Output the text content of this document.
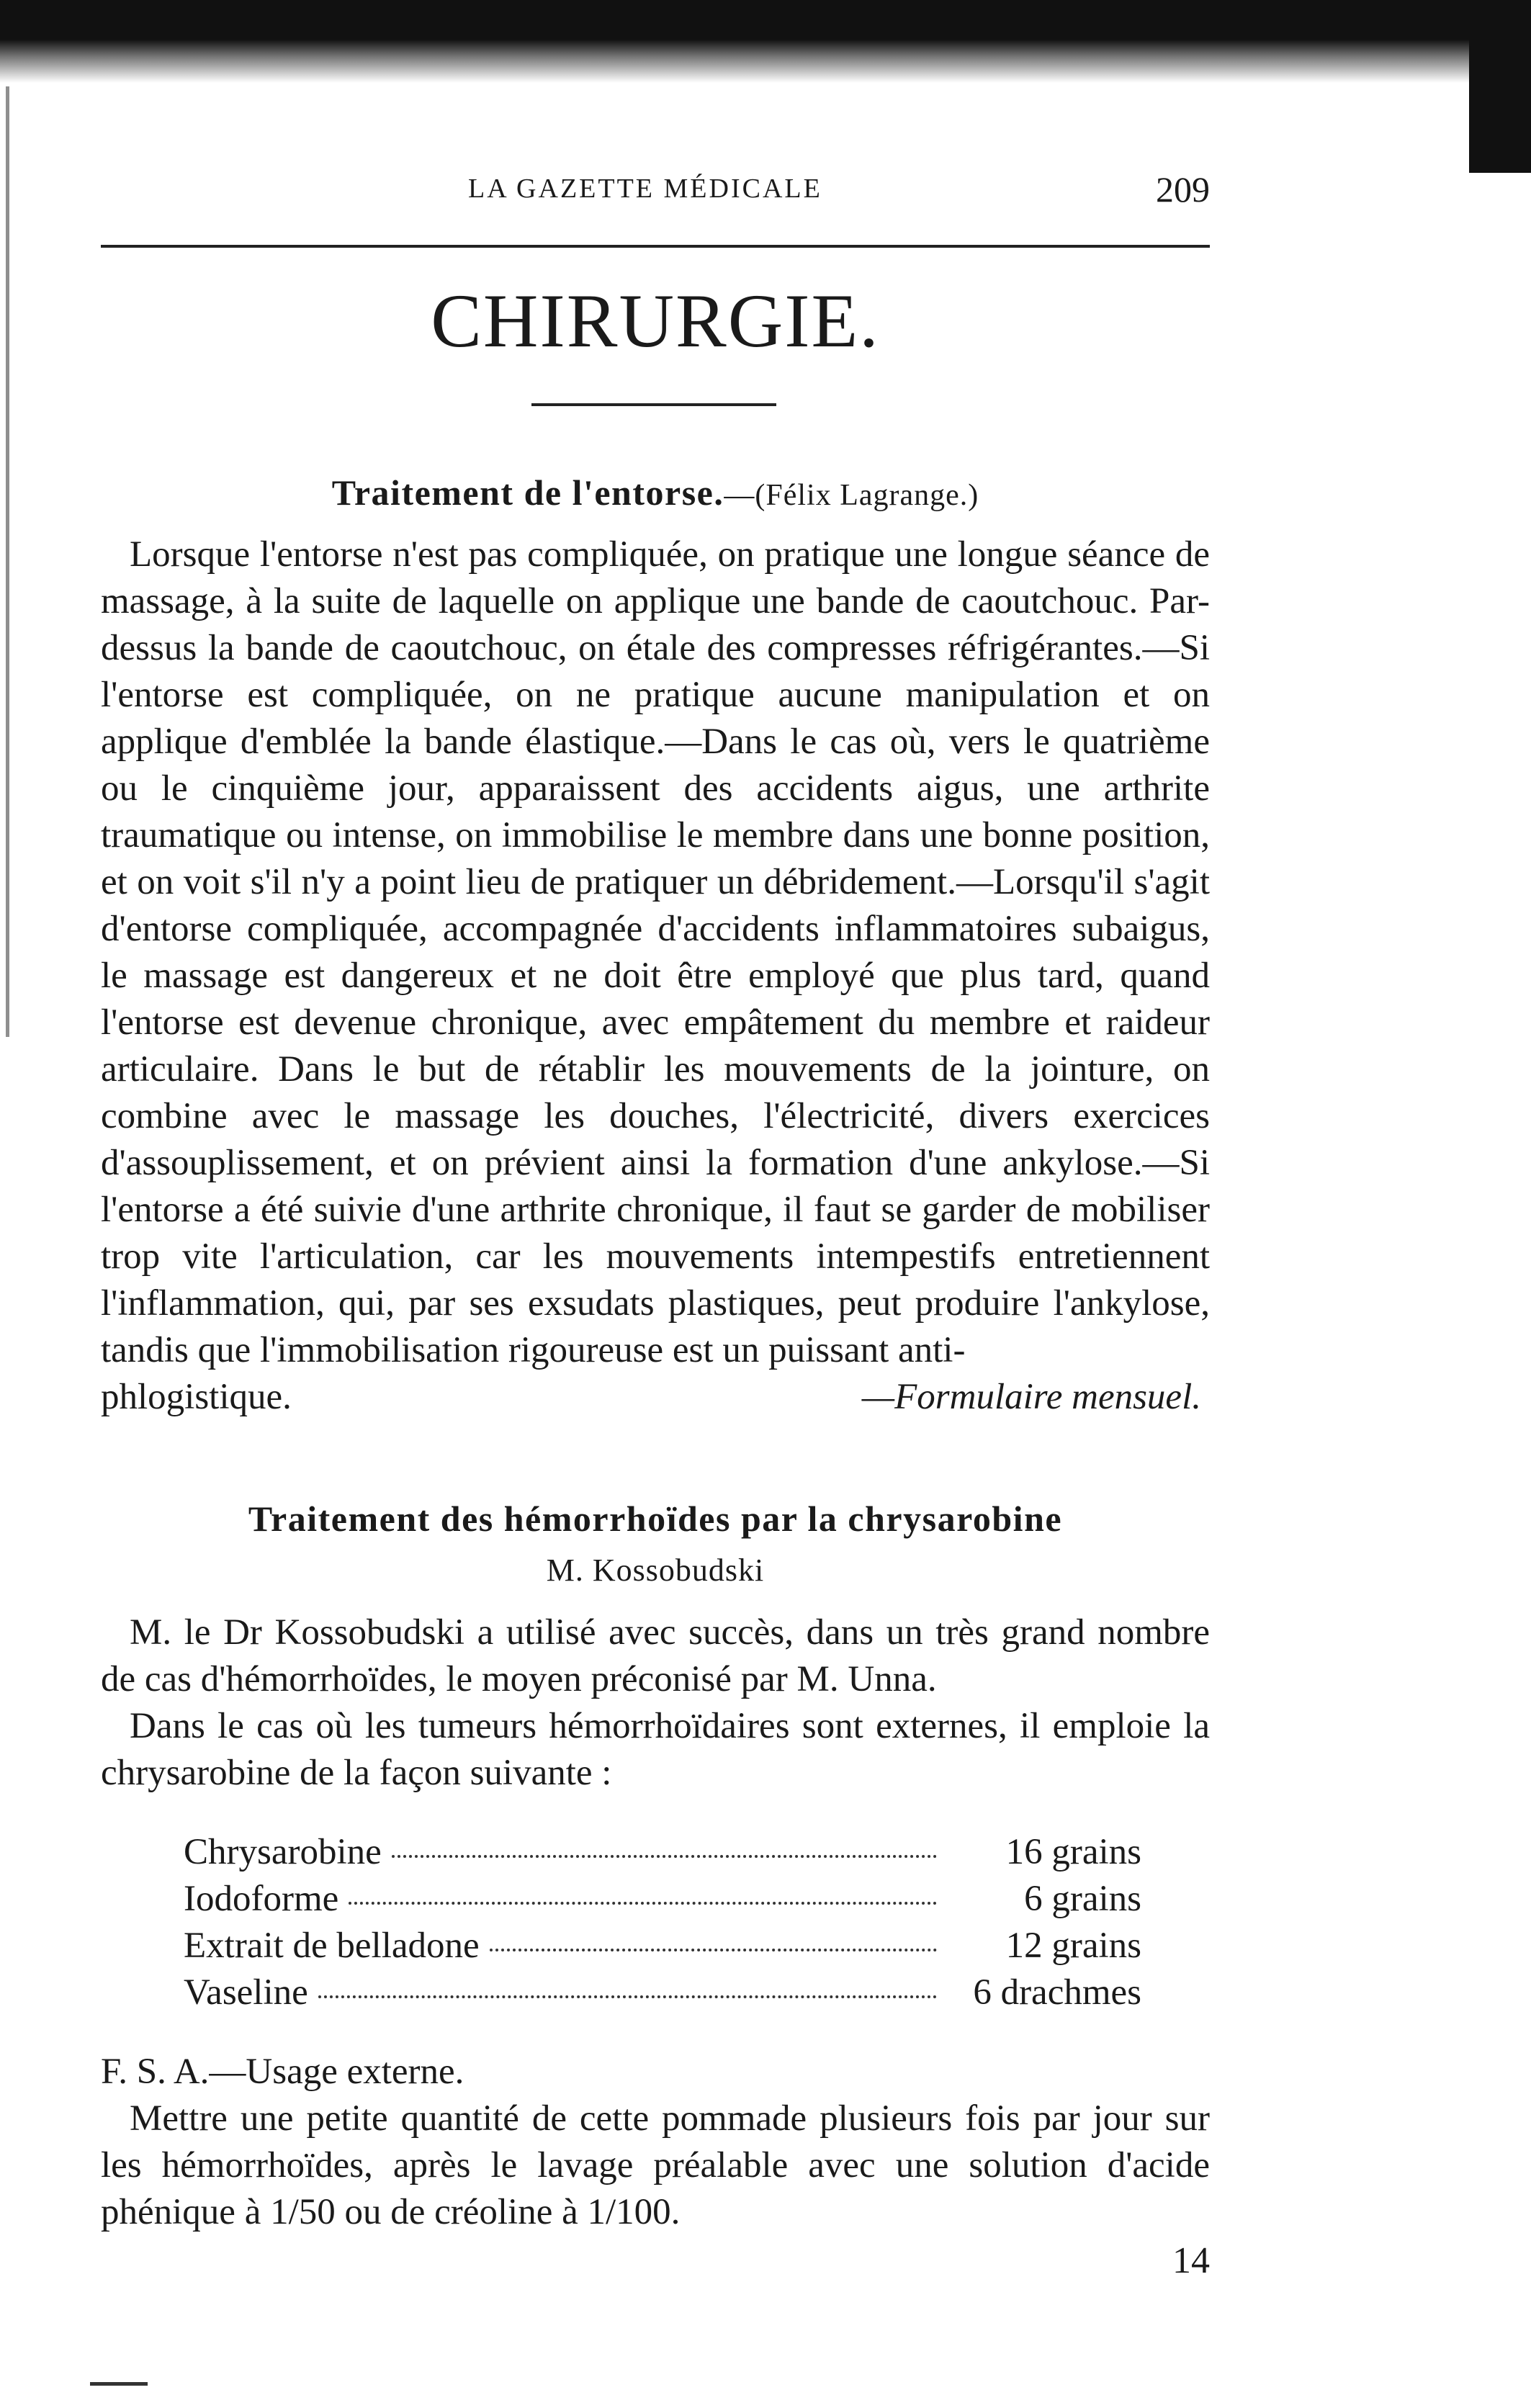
LA GAZETTE MÉDICALE	209
CHIRURGIE.
Traitement de l'entorse.—(Félix Lagrange.)

Lorsque l'entorse n'est pas compliquée, on pratique une longue séance de massage, à la suite de laquelle on applique une bande de caoutchouc. Par-dessus la bande de caoutchouc, on étale des compresses réfrigérantes.—Si l'entorse est compliquée, on ne pratique aucune manipulation et on applique d'emblée la bande élastique.—Dans le cas où, vers le quatrième ou le cinquième jour, apparaissent des accidents aigus, une arthrite traumatique ou intense, on immobilise le membre dans une bonne position, et on voit s'il n'y a point lieu de pratiquer un débridement.—Lorsqu'il s'agit d'entorse compliquée, accompagnée d'accidents inflammatoires subaigus, le massage est dangereux et ne doit être employé que plus tard, quand l'entorse est devenue chronique, avec empâtement du membre et raideur articulaire. Dans le but de rétablir les mouvements de la jointure, on combine avec le massage les douches, l'électricité, divers exercices d'assouplissement, et on prévient ainsi la formation d'une ankylose.—Si l'entorse a été suivie d'une arthrite chronique, il faut se garder de mobiliser trop vite l'articulation, car les mouvements intempestifs entretiennent l'inflammation, qui, par ses exsudats plastiques, peut produire l'ankylose, tandis que l'immobilisation rigoureuse est un puissant anti-

phlogistique.	—Formulaire mensuel.
Traitement des hémorrhoïdes par la chrysarobine
M. Kossobudski

M. le Dr Kossobudski a utilisé avec succès, dans un très grand nombre de cas d'hémorrhoïdes, le moyen préconisé par M. Unna.

Dans le cas où les tumeurs hémorrhoïdaires sont externes, il emploie la chrysarobine de la façon suivante :

Chrysarobine	16 grains
Iodoforme	6 grains
Extrait de belladone	12 grains
Vaseline	6 drachmes

F. S. A.—Usage externe.

Mettre une petite quantité de cette pommade plusieurs fois par jour sur les hémorrhoïdes, après le lavage préalable avec une solution d'acide phénique à 1/50 ou de créoline à 1/100.

14
